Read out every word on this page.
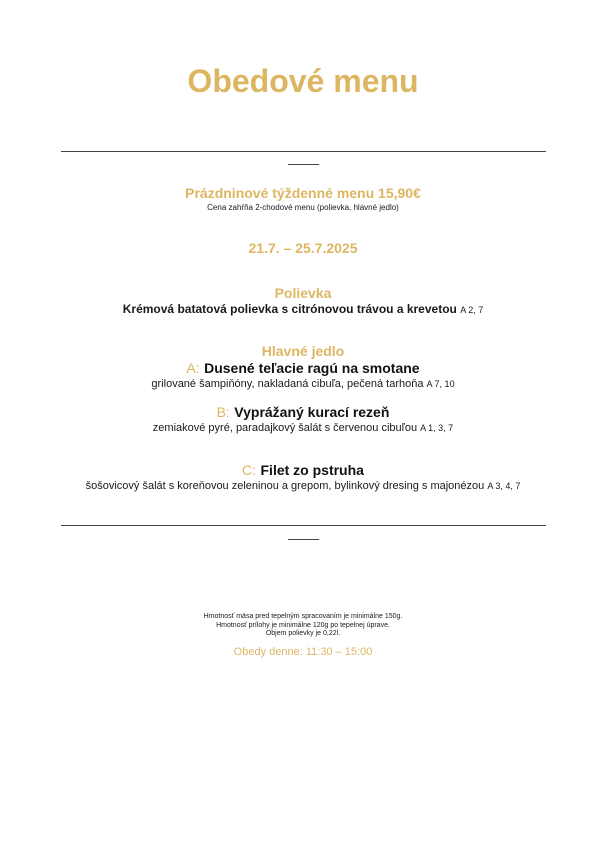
Obedové menu

Prázdninové týždenné menu 15,90€

Cena zahŕňa 2-chodové menu (polievka, hlavné jedlo)

21.7. – 25.7.2025

Polievka

Krémová batatová polievka s citrónovou trávou a krevetou A 2, 7

Hlavné jedlo

A: Dusené teľacie ragú na smotane

grilované šampiňóny, nakladaná cibuľa, pečená tarhoňa A 7, 10

B: Vyprážaný kurací rezeň

zemiakové pyré, paradajkový šalát s červenou cibuľou A 1, 3, 7

C: Filet zo pstruha

šošovicový šalát s koreňovou zeleninou a grepom, bylinkový dresing s majonézou A 3, 4, 7

Hmotnosť mäsa pred tepelným spracovaním je minimálne 150g.

Hmotnosť prílohy je minimálne 120g po tepelnej úprave.

Objem polievky je 0,22l.

Obedy denne: 11:30 – 15:00
